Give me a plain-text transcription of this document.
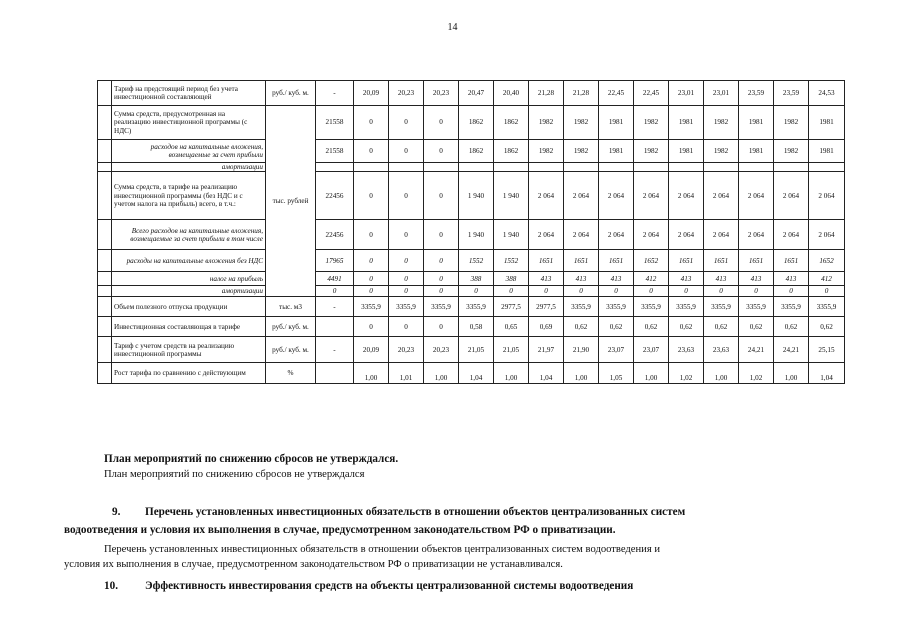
14
	Тариф на предстоящий период без учета инвестиционной составляющей	руб./ куб. м.	-	20,09	20,23	20,23	20,47	20,40	21,28	21,28	22,45	22,45	23,01	23,01	23,59	23,59	24,53
	Сумма средств, предусмотренная на реализацию инвестиционной программы (с НДС)	тыс. рублей	21558	0	0	0	1862	1862	1982	1982	1981	1982	1981	1982	1981	1982	1981
	расходов на капитальные вложения, возмещаемые за счет прибыли		21558	0	0	0	1862	1862	1982	1982	1981	1982	1981	1982	1981	1982	1981
	амортизации																
	Сумма средств, в тарифе на реализацию инвестиционной программы (без НДС и с учетом налога на прибыль) всего, в т.ч.:		22456	0	0	0	1 940	1 940	2 064	2 064	2 064	2 064	2 064	2 064	2 064	2 064	2 064
	Всего расходов на капитальные вложения, возмещаемые за счет прибыли в том числе		22456	0	0	0	1 940	1 940	2 064	2 064	2 064	2 064	2 064	2 064	2 064	2 064	2 064
	расходы на капитальные вложения без НДС		17965	0	0	0	1552	1552	1651	1651	1651	1652	1651	1651	1651	1651	1652
	налог на прибыль		4491	0	0	0	388	388	413	413	413	412	413	413	413	413	412
	амортизации		0	0	0	0	0	0	0	0	0	0	0	0	0	0	0
	Объем полезного отпуска продукции	тыс. м3	-	3355,9	3355,9	3355,9	3355,9	2977,5	2977,5	3355,9	3355,9	3355,9	3355,9	3355,9	3355,9	3355,9	3355,9
	Инвестиционная составляющая в тарифе	руб./ куб. м.		0	0	0	0,58	0,65	0,69	0,62	0,62	0,62	0,62	0,62	0,62	0,62	0,62
	Тариф с учетом средств на реализацию инвестиционной программы	руб./ куб. м.	-	20,09	20,23	20,23	21,05	21,05	21,97	21,90	23,07	23,07	23,63	23,63	24,21	24,21	25,15
	Рост тарифа по сравнению с действующим	%		1,00	1,01	1,00	1,04	1,00	1,04	1,00	1,05	1,00	1,02	1,00	1,02	1,00	1,04
План мероприятий по снижению сбросов не утверждался.
План мероприятий по снижению сбросов не утверждался
9. Перечень установленных инвестиционных обязательств в отношении объектов централизованных систем
водоотведения и условия их выполнения в случае, предусмотренном законодательством РФ о приватизации.
Перечень установленных инвестиционных обязательств в отношении объектов централизованных систем водоотведения и
условия их выполнения в случае, предусмотренном законодательством РФ о приватизации не устанавливался.
10. Эффективность инвестирования средств на объекты централизованной системы водоотведения
